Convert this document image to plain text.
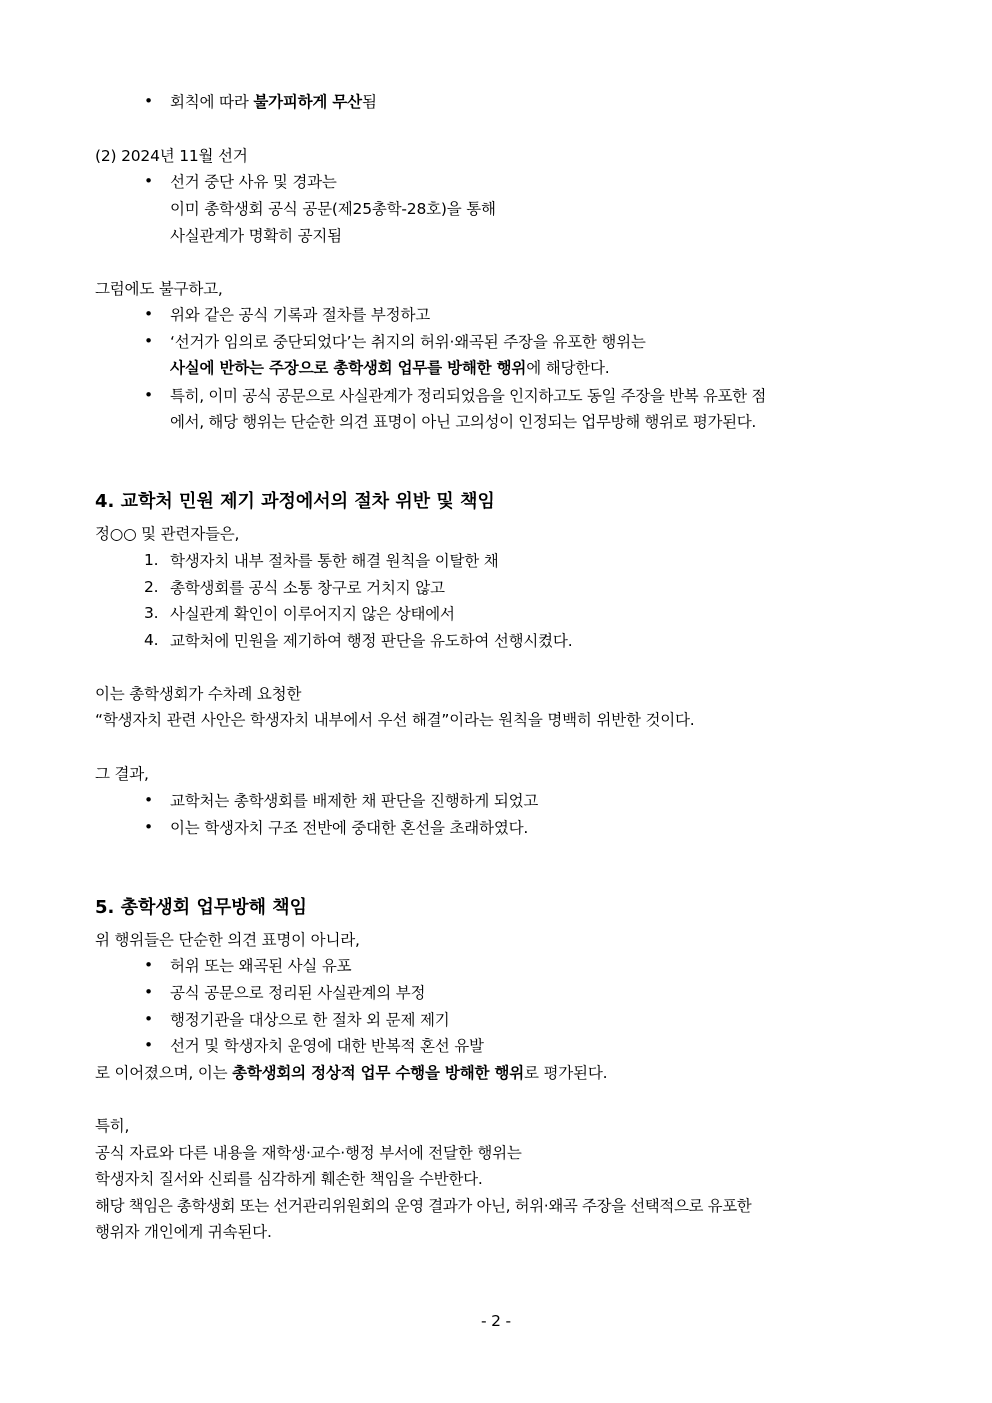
• 회칙에 따라 불가피하게 무산됨
(2) 2024년 11월 선거
• 선거 중단 사유 및 경과는
이미 총학생회 공식 공문(제25총학-28호)을 통해
사실관계가 명확히 공지됨
그럼에도 불구하고,
• 위와 같은 공식 기록과 절차를 부정하고
• ‘선거가 임의로 중단되었다’는 취지의 허위·왜곡된 주장을 유포한 행위는
사실에 반하는 주장으로 총학생회 업무를 방해한 행위에 해당한다.
• 특히, 이미 공식 공문으로 사실관계가 정리되었음을 인지하고도 동일 주장을 반복 유포한 점
에서, 해당 행위는 단순한 의견 표명이 아닌 고의성이 인정되는 업무방해 행위로 평가된다.
4. 교학처 민원 제기 과정에서의 절차 위반 및 책임
정○○ 및 관련자들은,
1. 학생자치 내부 절차를 통한 해결 원칙을 이탈한 채
2. 총학생회를 공식 소통 창구로 거치지 않고
3. 사실관계 확인이 이루어지지 않은 상태에서
4. 교학처에 민원을 제기하여 행정 판단을 유도하여 선행시켰다.
이는 총학생회가 수차례 요청한
“학생자치 관련 사안은 학생자치 내부에서 우선 해결”이라는 원칙을 명백히 위반한 것이다.
그 결과,
• 교학처는 총학생회를 배제한 채 판단을 진행하게 되었고
• 이는 학생자치 구조 전반에 중대한 혼선을 초래하였다.
5. 총학생회 업무방해 책임
위 행위들은 단순한 의견 표명이 아니라,
• 허위 또는 왜곡된 사실 유포
• 공식 공문으로 정리된 사실관계의 부정
• 행정기관을 대상으로 한 절차 외 문제 제기
• 선거 및 학생자치 운영에 대한 반복적 혼선 유발
로 이어졌으며, 이는 총학생회의 정상적 업무 수행을 방해한 행위로 평가된다.
특히,
공식 자료와 다른 내용을 재학생·교수·행정 부서에 전달한 행위는
학생자치 질서와 신뢰를 심각하게 훼손한 책임을 수반한다.
해당 책임은 총학생회 또는 선거관리위원회의 운영 결과가 아닌, 허위·왜곡 주장을 선택적으로 유포한
행위자 개인에게 귀속된다.
- 2 -
